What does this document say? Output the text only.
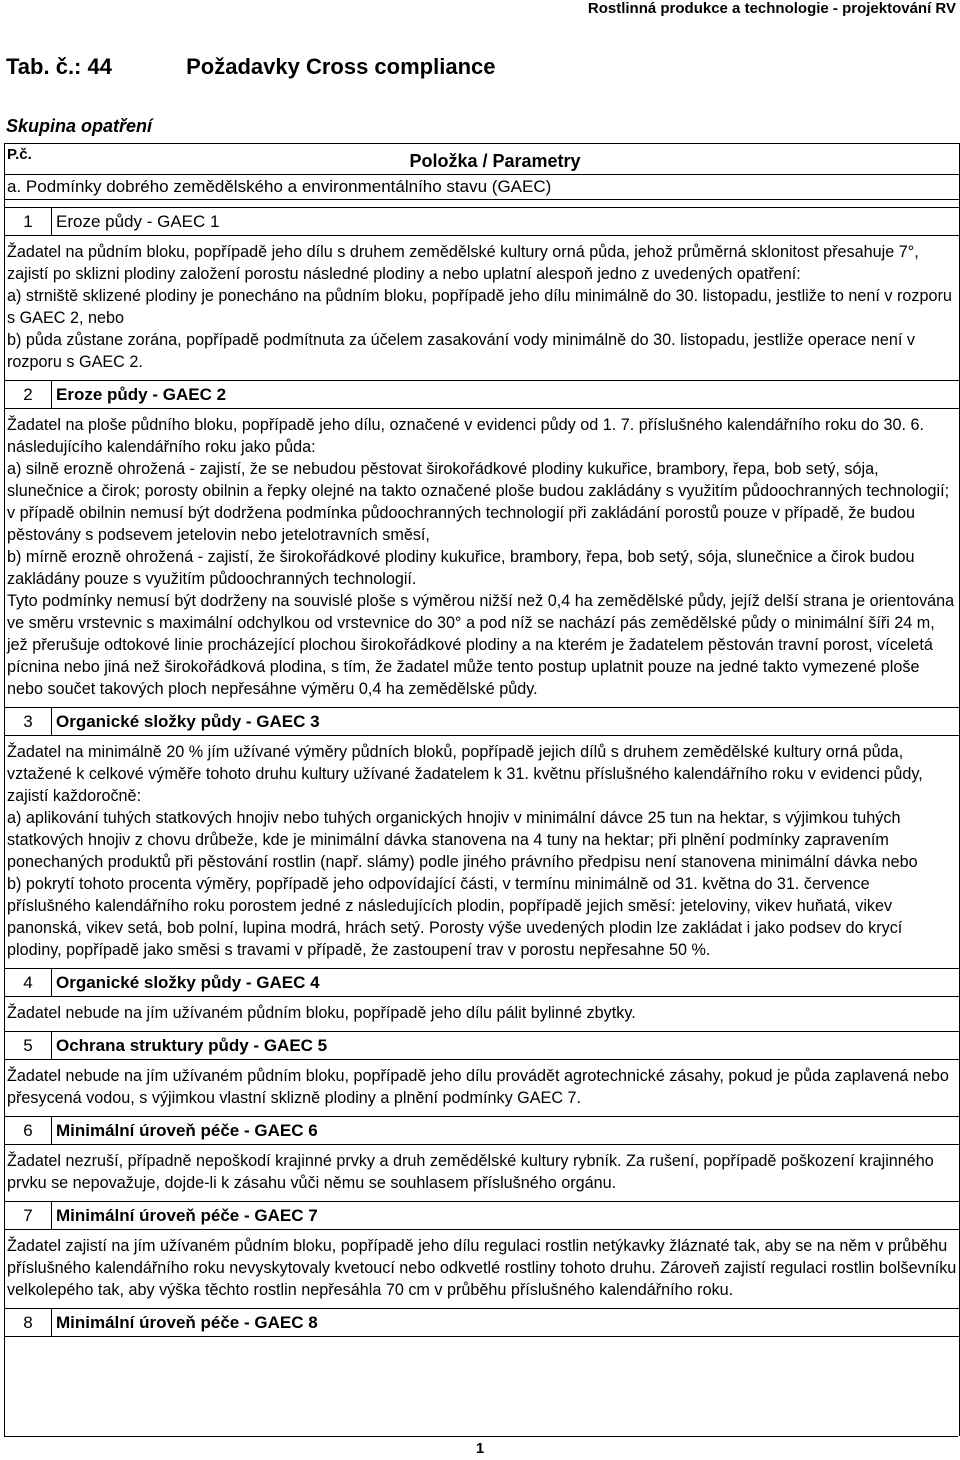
Rostlinná produkce a technologie - projektování RV
Tab. č.: 44	Požadavky Cross compliance
Skupina opatření
P.č.	Položka / Parametry
a. Podmínky dobrého zemědělského a environmentálního stavu (GAEC)
1	Eroze půdy - GAEC 1

Žadatel na půdním bloku, popřípadě jeho dílu s druhem zemědělské kultury orná půda, jehož průměrná sklonitost přesahuje 7°, zajistí po sklizni plodiny založení porostu následné plodiny a nebo uplatní alespoň jedno z uvedených opatření:

a) strniště sklizené plodiny je ponecháno na půdním bloku, popřípadě jeho dílu minimálně do 30. listopadu, jestliže to není v rozporu s GAEC 2, nebo

b) půda zůstane zorána, popřípadě podmítnuta za účelem zasakování vody minimálně do 30. listopadu, jestliže operace není v rozporu s GAEC 2.

2	Eroze půdy - GAEC 2

Žadatel na ploše půdního bloku, popřípadě jeho dílu, označené v evidenci půdy od 1. 7. příslušného kalendářního roku do 30. 6. následujícího kalendářního roku jako půda:

a) silně erozně ohrožená - zajistí, že se nebudou pěstovat širokořádkové plodiny kukuřice, brambory, řepa, bob setý, sója, slunečnice a čirok; porosty obilnin a řepky olejné na takto označené ploše budou zakládány s využitím půdoochranných technologií; v případě obilnin nemusí být dodržena podmínka půdoochranných technologií při zakládání porostů pouze v případě, že budou pěstovány s podsevem jetelovin nebo jetelotravních směsí,

b) mírně erozně ohrožená - zajistí, že širokořádkové plodiny kukuřice, brambory, řepa, bob setý, sója, slunečnice a čirok budou zakládány pouze s využitím půdoochranných technologií.

Tyto podmínky nemusí být dodrženy na souvislé ploše s výměrou nižší než 0,4 ha zemědělské půdy, jejíž delší strana je orientována ve směru vrstevnic s maximální odchylkou od vrstevnice do 30° a pod níž se nachází pás zemědělské půdy o minimální šíři 24 m, jež přerušuje odtokové linie procházející plochou širokořádkové plodiny a na kterém je žadatelem pěstován travní porost, víceletá pícnina nebo jiná než širokořádková plodina, s tím, že žadatel může tento postup uplatnit pouze na jedné takto vymezené ploše nebo součet takových ploch nepřesáhne výměru 0,4 ha zemědělské půdy.

3	Organické složky půdy - GAEC 3

Žadatel na minimálně 20 % jím užívané výměry půdních bloků, popřípadě jejich dílů s druhem zemědělské kultury orná půda, vztažené k celkové výměře tohoto druhu kultury užívané žadatelem k 31. květnu příslušného kalendářního roku v evidenci půdy, zajistí každoročně:

a) aplikování tuhých statkových hnojiv nebo tuhých organických hnojiv v minimální dávce 25 tun na hektar, s výjimkou tuhých statkových hnojiv z chovu drůbeže, kde je minimální dávka stanovena na 4 tuny na hektar; při plnění podmínky zapravením ponechaných produktů při pěstování rostlin (např. slámy) podle jiného právního předpisu není stanovena minimální dávka nebo

b) pokrytí tohoto procenta výměry, popřípadě jeho odpovídající části, v termínu minimálně od 31. května do 31. července příslušného kalendářního roku porostem jedné z následujících plodin, popřípadě jejich směsí: jeteloviny, vikev huňatá, vikev panonská, vikev setá, bob polní, lupina modrá, hrách setý. Porosty výše uvedených plodin lze zakládat i jako podsev do krycí plodiny, popřípadě jako směsi s travami v případě, že zastoupení trav v porostu nepřesahne 50 %.

4	Organické složky půdy - GAEC 4

Žadatel nebude na jím užívaném půdním bloku, popřípadě jeho dílu pálit bylinné zbytky.

5	Ochrana struktury půdy - GAEC 5

Žadatel nebude na jím užívaném půdním bloku, popřípadě jeho dílu provádět agrotechnické zásahy, pokud je půda zaplavená nebo přesycená vodou, s výjimkou vlastní sklizně plodiny a plnění podmínky GAEC 7.

6	Minimální úroveň péče - GAEC 6

Žadatel nezruší, případně nepoškodí krajinné prvky a druh zemědělské kultury rybník. Za rušení, popřípadě poškození krajinného prvku se nepovažuje, dojde-li k zásahu vůči němu se souhlasem příslušného orgánu.

7	Minimální úroveň péče - GAEC 7

Žadatel zajistí na jím užívaném půdním bloku, popřípadě jeho dílu regulaci rostlin netýkavky žláznaté tak, aby se na něm v průběhu příslušného kalendářního roku nevyskytovaly kvetoucí nebo odkvetlé rostliny tohoto druhu. Zároveň zajistí regulaci rostlin bolševníku velkolepého tak, aby výška těchto rostlin nepřesáhla 70 cm v průběhu příslušného kalendářního roku.

8	Minimální úroveň péče - GAEC 8
1
